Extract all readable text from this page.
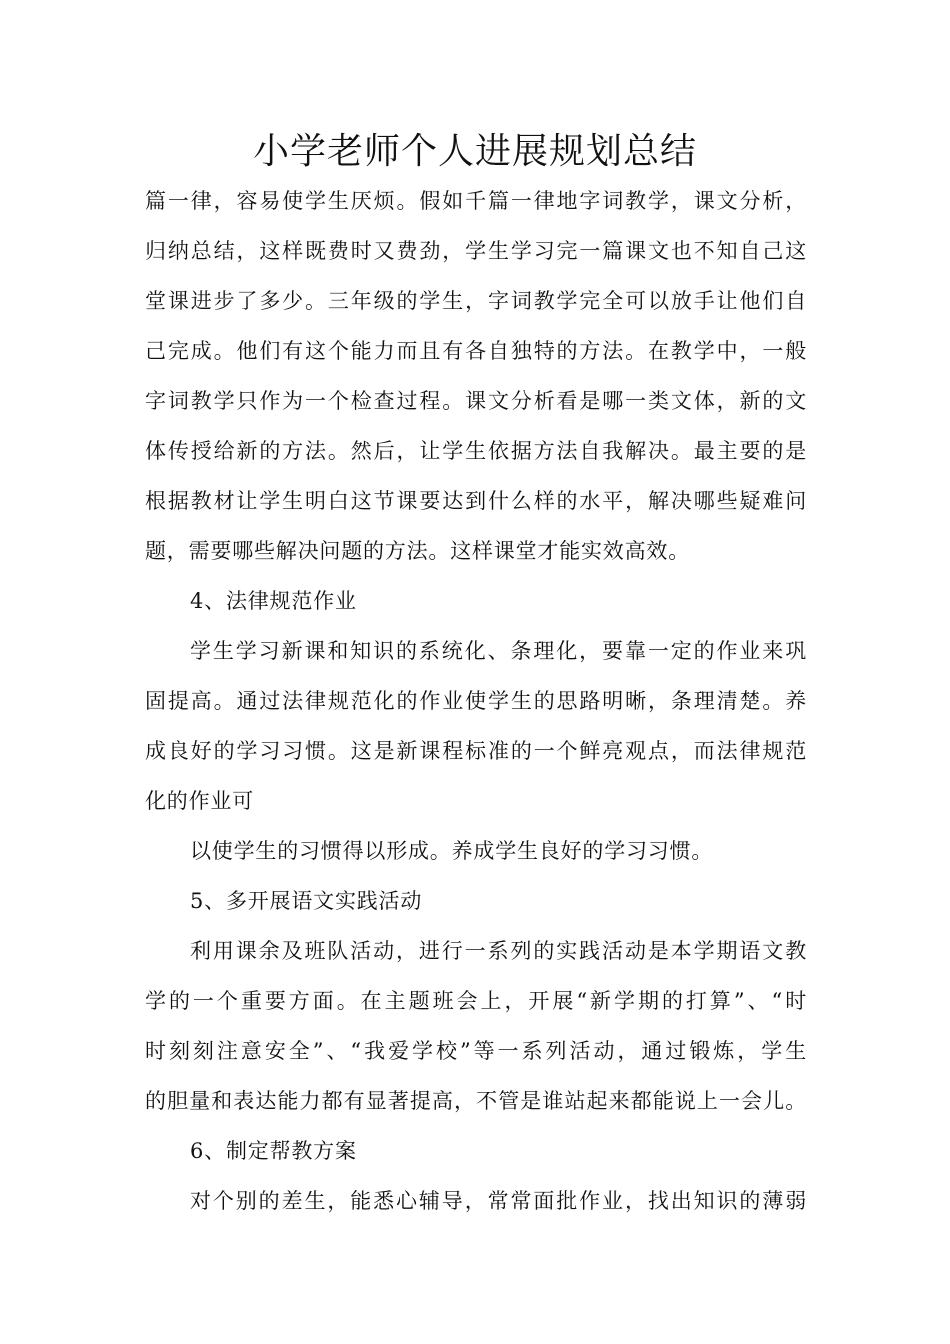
小学老师个人进展规划总结
篇一律，容易使学生厌烦。假如千篇一律地字词教学，课文分析，
归纳总结，这样既费时又费劲，学生学习完一篇课文也不知自己这
堂课进步了多少。三年级的学生，字词教学完全可以放手让他们自
己完成。他们有这个能力而且有各自独特的方法。在教学中，一般
字词教学只作为一个检查过程。课文分析看是哪一类文体，新的文
体传授给新的方法。然后，让学生依据方法自我解决。最主要的是
根据教材让学生明白这节课要达到什么样的水平，解决哪些疑难问
题，需要哪些解决问题的方法。这样课堂才能实效高效。
4、法律规范作业
学生学习新课和知识的系统化、条理化，要靠一定的作业来巩
固提高。通过法律规范化的作业使学生的思路明晰，条理清楚。养
成良好的学习习惯。这是新课程标准的一个鲜亮观点，而法律规范
化的作业可
以使学生的习惯得以形成。养成学生良好的学习习惯。
5、多开展语文实践活动
利用课余及班队活动，进行一系列的实践活动是本学期语文教
学的一个重要方面。在主题班会上，开展“新学期的打算”、“时
时刻刻注意安全”、“我爱学校”等一系列活动，通过锻炼，学生
的胆量和表达能力都有显著提高，不管是谁站起来都能说上一会儿。
6、制定帮教方案
对个别的差生，能悉心辅导，常常面批作业，找出知识的薄弱
